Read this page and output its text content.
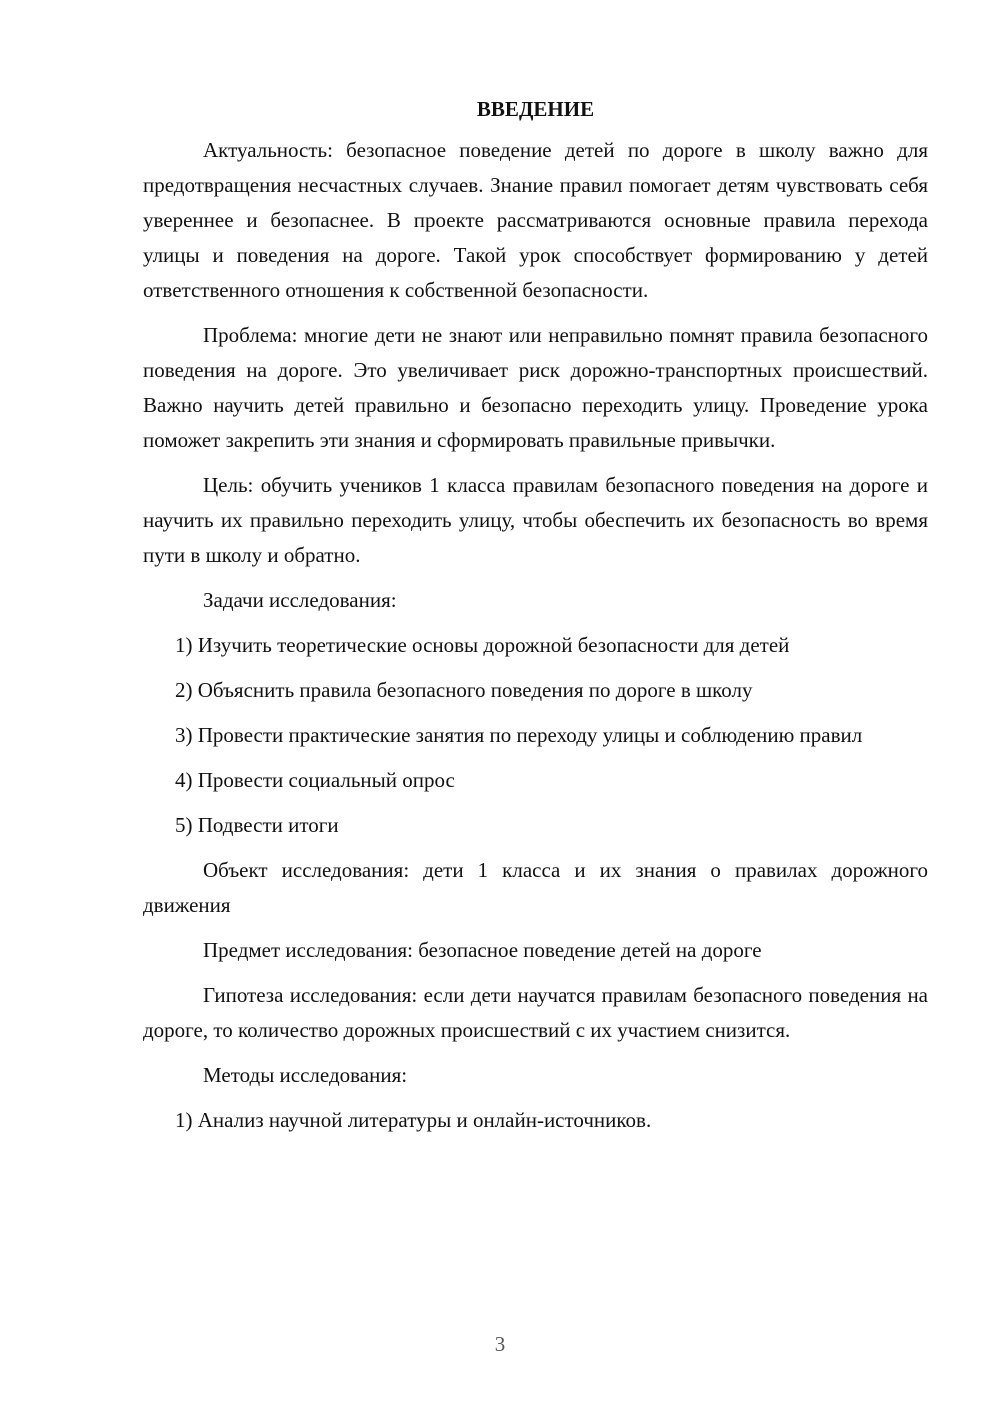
ВВЕДЕНИЕ

Актуальность: безопасное поведение детей по дороге в школу важно для предотвращения несчастных случаев. Знание правил помогает детям чувствовать себя увереннее и безопаснее. В проекте рассматриваются основные правила перехода улицы и поведения на дороге. Такой урок способствует формированию у детей ответственного отношения к собственной безопасности.

Проблема: многие дети не знают или неправильно помнят правила безопасного поведения на дороге. Это увеличивает риск дорожно-транспортных происшествий. Важно научить детей правильно и безопасно переходить улицу. Проведение урока поможет закрепить эти знания и сформировать правильные привычки.

Цель: обучить учеников 1 класса правилам безопасного поведения на дороге и научить их правильно переходить улицу, чтобы обеспечить их безопасность во время пути в школу и обратно.

Задачи исследования:

1) Изучить теоретические основы дорожной безопасности для детей

2) Объяснить правила безопасного поведения по дороге в школу

3) Провести практические занятия по переходу улицы и соблюдению правил

4) Провести социальный опрос

5) Подвести итоги

Объект исследования: дети 1 класса и их знания о правилах дорожного движения

Предмет исследования: безопасное поведение детей на дороге

Гипотеза исследования: если дети научатся правилам безопасного поведения на дороге, то количество дорожных происшествий с их участием снизится.

Методы исследования:

1) Анализ научной литературы и онлайн-источников.

3
